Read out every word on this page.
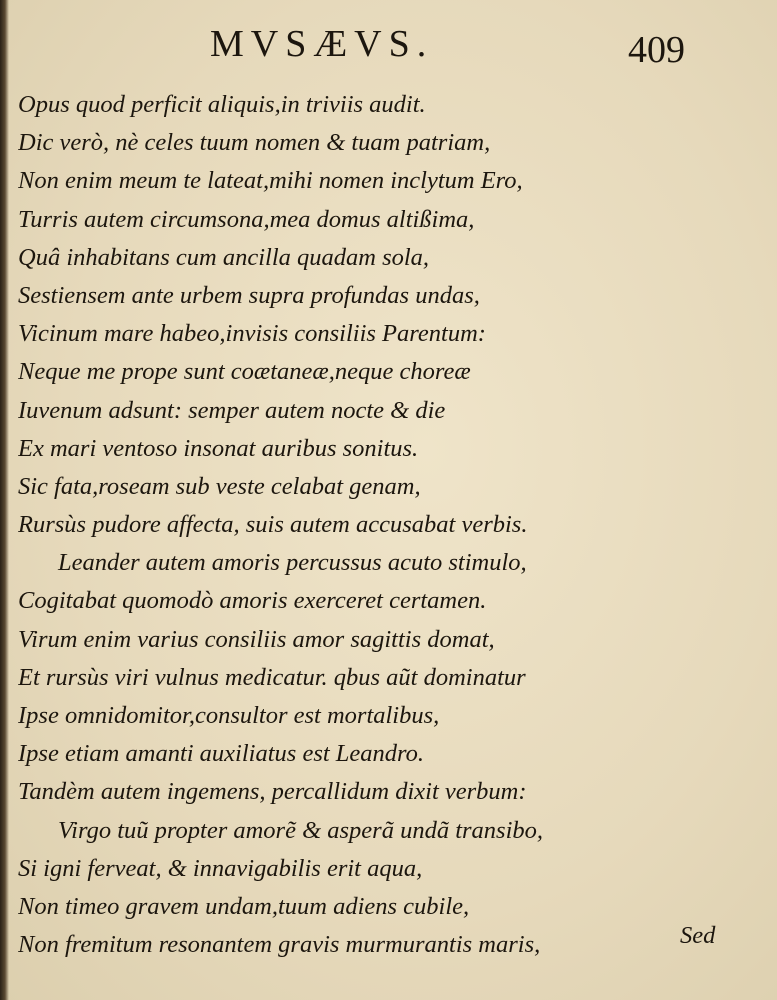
MVSÆVS.	409
Opus quod perficit aliquis,in triviis audit.
Dic verò, nè celes tuum nomen & tuam patriam,
Non enim meum te lateat,mihi nomen inclytum Ero,
Turris autem circumsona,mea domus altißima,
Quâ inhabitans cum ancilla quadam sola,
Sestiensem ante urbem supra profundas undas,
Vicinum mare habeo,invisis consiliis Parentum:
Neque me prope sunt coætaneæ,neque choreæ
Iuvenum adsunt: semper autem nocte & die
Ex mari ventoso insonat auribus sonitus.
Sic fata,roseam sub veste celabat genam,
Rursùs pudore affecta, suis autem accusabat verbis.
Leander autem amoris percussus acuto stimulo,
Cogitabat quomodò amoris exerceret certamen.
Virum enim varius consiliis amor sagittis domat,
Et rursùs viri vulnus medicatur. qbus aũt dominatur
Ipse omnidomitor,consultor est mortalibus,
Ipse etiam amanti auxiliatus est Leandro.
Tandèm autem ingemens, percallidum dixit verbum:
Virgo tuũ propter amorẽ & asperã undã transibo,
Si igni ferveat, & innavigabilis erit aqua,
Non timeo gravem undam,tuum adiens cubile,
Non fremitum resonantem gravis murmurantis maris,	Sed
